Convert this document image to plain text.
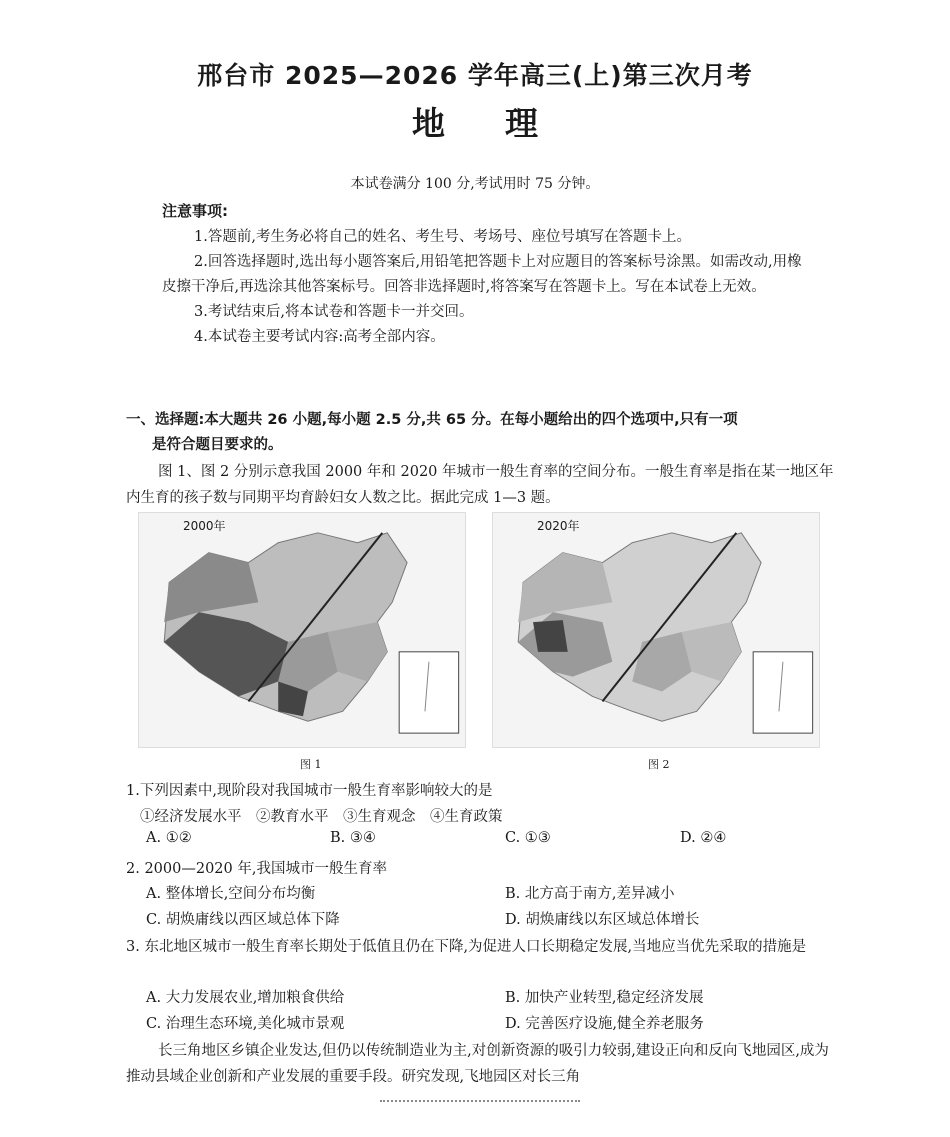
邢台市 2025—2026 学年高三(上)第三次月考
地理
本试卷满分 100 分,考试用时 75 分钟。
注意事项:

1.答题前,考生务必将自己的姓名、考生号、考场号、座位号填写在答题卡上。

2.回答选择题时,选出每小题答案后,用铅笔把答题卡上对应题目的答案标号涂黑。如需改动,用橡皮擦干净后,再选涂其他答案标号。回答非选择题时,将答案写在答题卡上。写在本试卷上无效。

3.考试结束后,将本试卷和答题卡一并交回。

4.本试卷主要考试内容:高考全部内容。

一、选择题:本大题共 26 小题,每小题 2.5 分,共 65 分。在每小题给出的四个选项中,只有一项
是符合题目要求的。
图 1、图 2 分别示意我国 2000 年和 2020 年城市一般生育率的空间分布。一般生育率是指在某一地区年内生育的孩子数与同期平均育龄妇女人数之比。据此完成 1—3 题。
2000年	2020年
图 1	图 2
1.下列因素中,现阶段对我国城市一般生育率影响较大的是
①经济发展水平　②教育水平　③生育观念　④生育政策
A. ①②	B. ③④	C. ①③	D. ②④
2. 2000—2020 年,我国城市一般生育率
A. 整体增长,空间分布均衡	B. 北方高于南方,差异减小
C. 胡焕庸线以西区域总体下降	D. 胡焕庸线以东区域总体增长
3. 东北地区城市一般生育率长期处于低值且仍在下降,为促进人口长期稳定发展,当地应当优先采取的措施是
A. 大力发展农业,增加粮食供给	B. 加快产业转型,稳定经济发展
C. 治理生态环境,美化城市景观	D. 完善医疗设施,健全养老服务
长三角地区乡镇企业发达,但仍以传统制造业为主,对创新资源的吸引力较弱,建设正向和反向飞地园区,成为推动县域企业创新和产业发展的重要手段。研究发现,飞地园区对长三角
